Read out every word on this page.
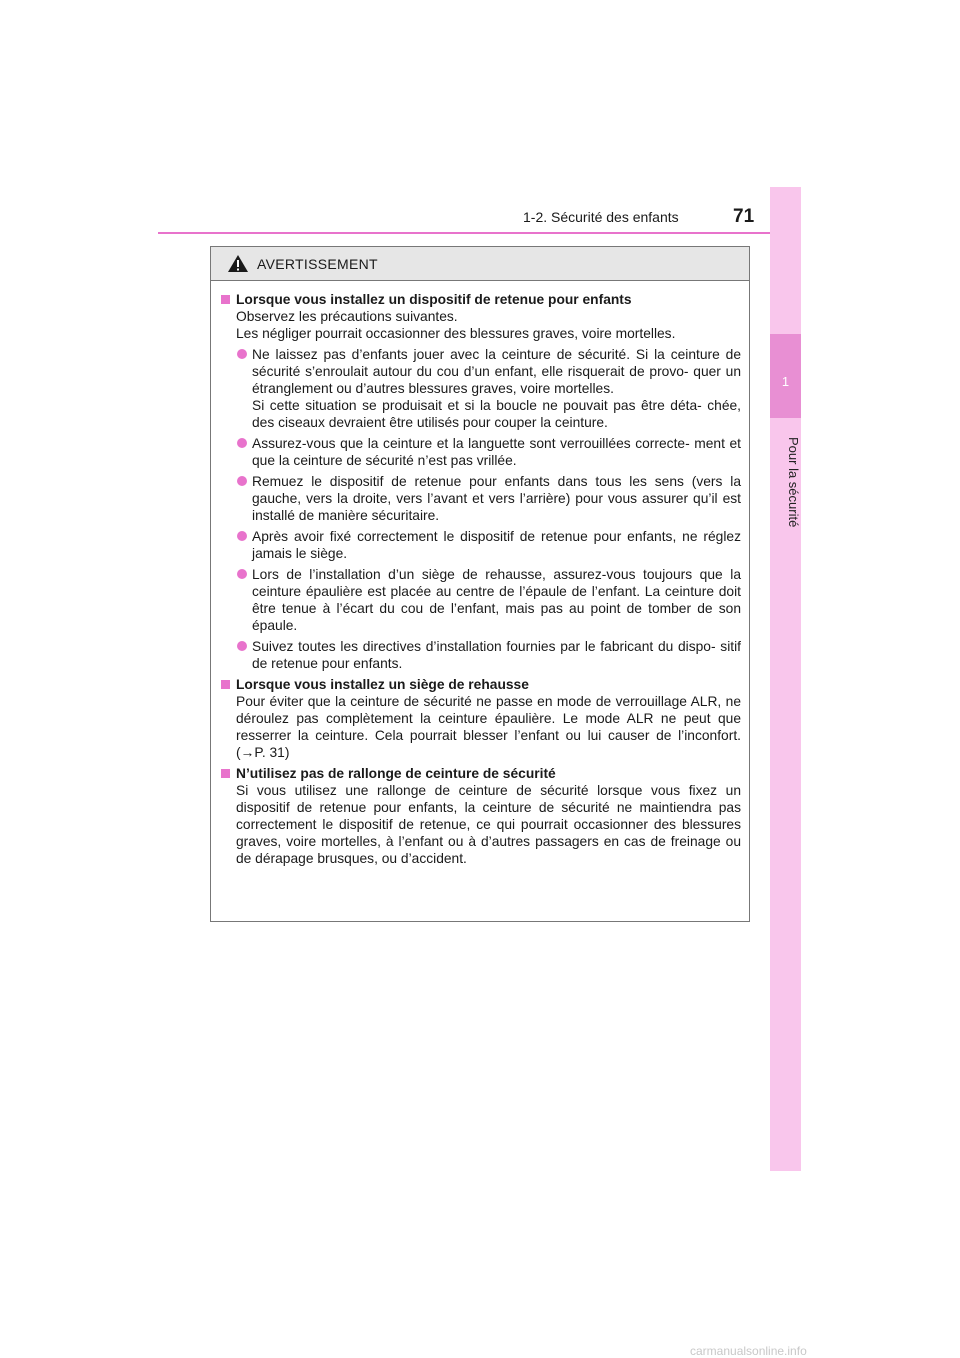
71
1-2. Sécurité des enfants
1
Pour la sécurité
AVERTISSEMENT
Lorsque vous installez un dispositif de retenue pour enfants
Observez les précautions suivantes.
Les négliger pourrait occasionner des blessures graves, voire mortelles.
Ne laissez pas d’enfants jouer avec la ceinture de sécurité. Si la ceinture de sécurité s’enroulait autour du cou d’un enfant, elle risquerait de provo- quer un étranglement ou d’autres blessures graves, voire mortelles.
Si cette situation se produisait et si la boucle ne pouvait pas être déta- chée, des ciseaux devraient être utilisés pour couper la ceinture.
Assurez-vous que la ceinture et la languette sont verrouillées correcte- ment et que la ceinture de sécurité n’est pas vrillée.
Remuez le dispositif de retenue pour enfants dans tous les sens (vers la gauche, vers la droite, vers l’avant et vers l’arrière) pour vous assurer qu’il est installé de manière sécuritaire.
Après avoir fixé correctement le dispositif de retenue pour enfants, ne réglez jamais le siège.
Lors de l’installation d’un siège de rehausse, assurez-vous toujours que la ceinture épaulière est placée au centre de l’épaule de l’enfant. La ceinture doit être tenue à l’écart du cou de l’enfant, mais pas au point de tomber de son épaule.
Suivez toutes les directives d’installation fournies par le fabricant du dispo- sitif de retenue pour enfants.
Lorsque vous installez un siège de rehausse
Pour éviter que la ceinture de sécurité ne passe en mode de verrouillage ALR, ne déroulez pas complètement la ceinture épaulière. Le mode ALR ne peut que resserrer la ceinture. Cela pourrait blesser l’enfant ou lui causer de l’inconfort. (→P. 31)
N’utilisez pas de rallonge de ceinture de sécurité
Si vous utilisez une rallonge de ceinture de sécurité lorsque vous fixez un dispositif de retenue pour enfants, la ceinture de sécurité ne maintiendra pas correctement le dispositif de retenue, ce qui pourrait occasionner des blessures graves, voire mortelles, à l’enfant ou à d’autres passagers en cas de freinage ou de dérapage brusques, ou d’accident.
carmanualsonline.info
